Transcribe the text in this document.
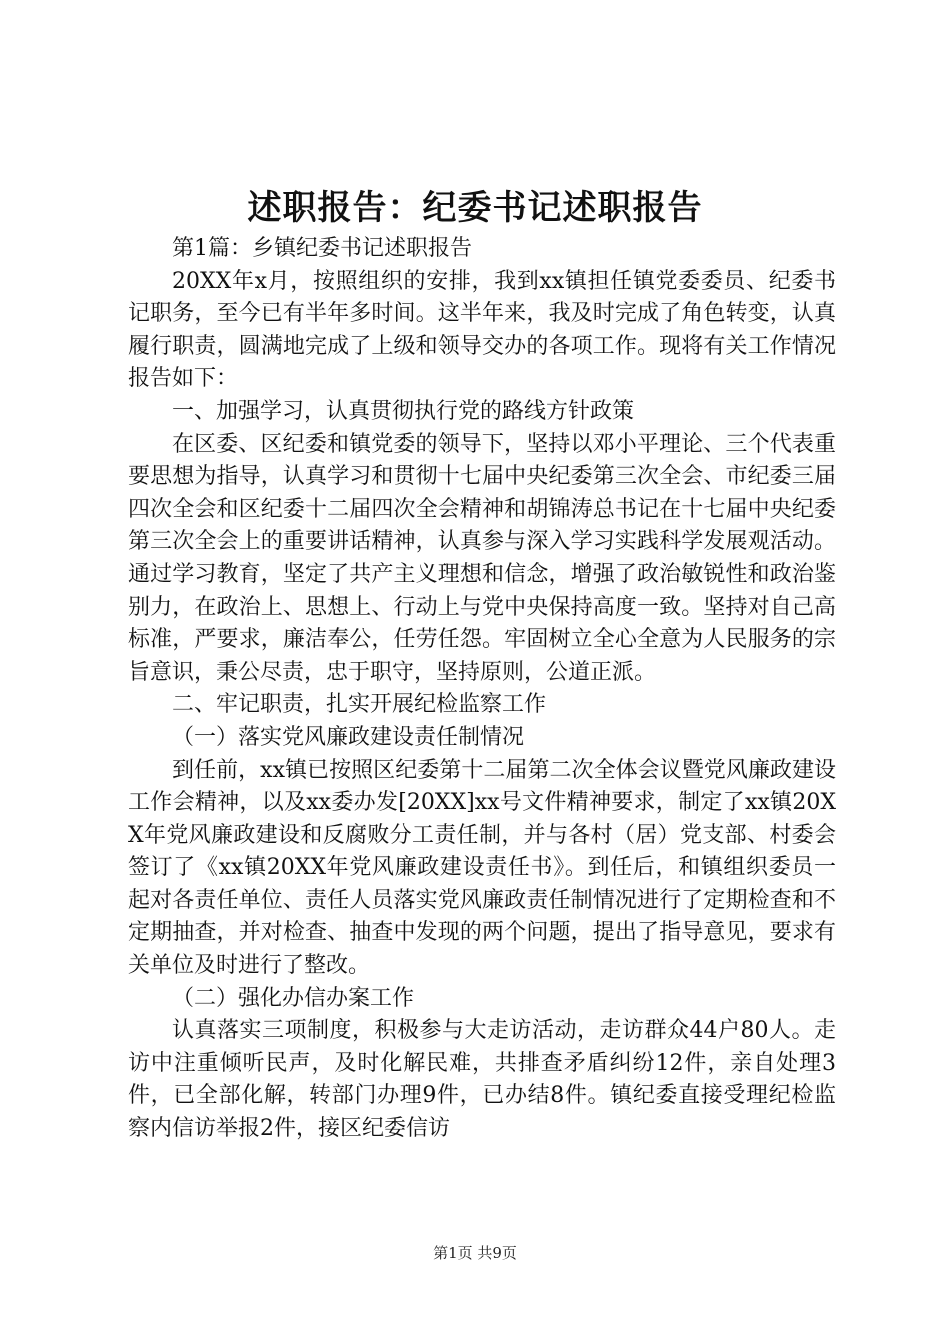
述职报告：纪委书记述职报告

第1篇：乡镇纪委书记述职报告

20XX年x月，按照组织的安排，我到xx镇担任镇党委委员、纪委书记职务，至今已有半年多时间。这半年来，我及时完成了角色转变，认真履行职责，圆满地完成了上级和领导交办的各项工作。现将有关工作情况报告如下：

一、加强学习，认真贯彻执行党的路线方针政策

在区委、区纪委和镇党委的领导下，坚持以邓小平理论、三个代表重要思想为指导，认真学习和贯彻十七届中央纪委第三次全会、市纪委三届四次全会和区纪委十二届四次全会精神和胡锦涛总书记在十七届中央纪委第三次全会上的重要讲话精神，认真参与深入学习实践科学发展观活动。通过学习教育，坚定了共产主义理想和信念，增强了政治敏锐性和政治鉴别力，在政治上、思想上、行动上与党中央保持高度一致。坚持对自己高标准，严要求，廉洁奉公，任劳任怨。牢固树立全心全意为人民服务的宗旨意识，秉公尽责，忠于职守，坚持原则，公道正派。

二、牢记职责，扎实开展纪检监察工作

（一）落实党风廉政建设责任制情况

到任前，xx镇已按照区纪委第十二届第二次全体会议暨党风廉政建设工作会精神，以及xx委办发[20XX]xx号文件精神要求，制定了xx镇20XX年党风廉政建设和反腐败分工责任制，并与各村（居）党支部、村委会签订了《xx镇20XX年党风廉政建设责任书》。到任后，和镇组织委员一起对各责任单位、责任人员落实党风廉政责任制情况进行了定期检查和不定期抽查，并对检查、抽查中发现的两个问题，提出了指导意见，要求有关单位及时进行了整改。

（二）强化办信办案工作

认真落实三项制度，积极参与大走访活动，走访群众44户80人。走访中注重倾听民声，及时化解民难，共排查矛盾纠纷12件，亲自处理3件，已全部化解，转部门办理9件，已办结8件。镇纪委直接受理纪检监察内信访举报2件，接区纪委信访

第1页 共9页
